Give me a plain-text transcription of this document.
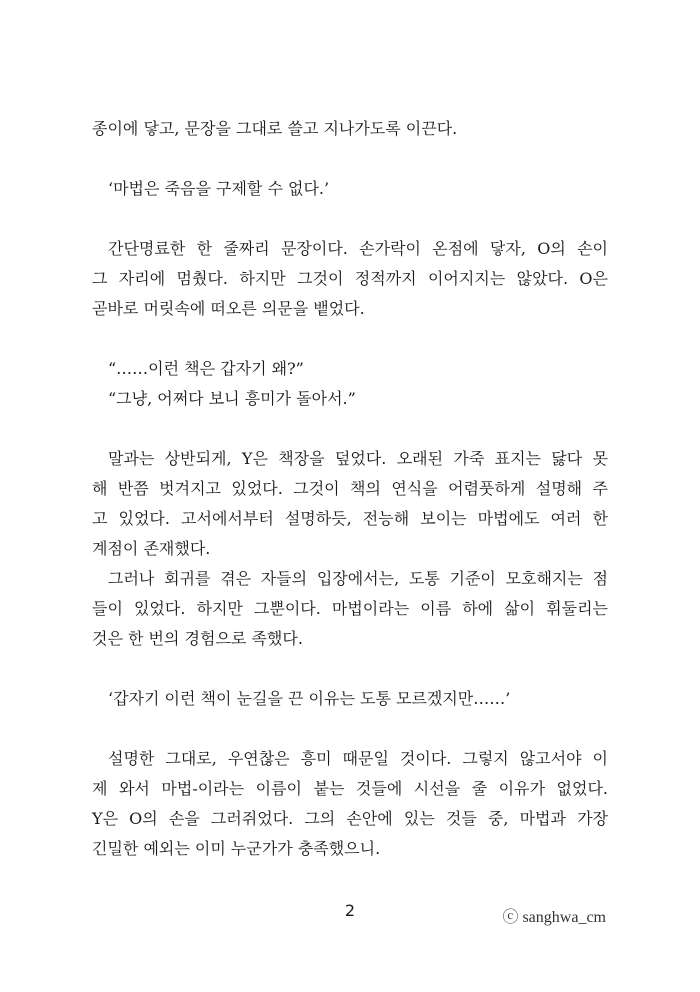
종이에 닿고, 문장을 그대로 쓸고 지나가도록 이끈다.
‘마법은 죽음을 구제할 수 없다.’
간단명료한 한 줄짜리 문장이다. 손가락이 온점에 닿자, O의 손이
그 자리에 멈췄다. 하지만 그것이 정적까지 이어지지는 않았다. O은
곧바로 머릿속에 떠오른 의문을 뱉었다.
“……이런 책은 갑자기 왜?”
“그냥, 어쩌다 보니 흥미가 돌아서.”
말과는 상반되게, Y은 책장을 덮었다. 오래된 가죽 표지는 닳다 못
해 반쯤 벗겨지고 있었다. 그것이 책의 연식을 어렴풋하게 설명해 주
고 있었다. 고서에서부터 설명하듯, 전능해 보이는 마법에도 여러 한
계점이 존재했다.
그러나 회귀를 겪은 자들의 입장에서는, 도통 기준이 모호해지는 점
들이 있었다. 하지만 그뿐이다. 마법이라는 이름 하에 삶이 휘둘리는
것은 한 번의 경험으로 족했다.
‘갑자기 이런 책이 눈길을 끈 이유는 도통 모르겠지만……’
설명한 그대로, 우연찮은 흥미 때문일 것이다. 그렇지 않고서야 이
제 와서 마법-이라는 이름이 붙는 것들에 시선을 줄 이유가 없었다.
Y은 O의 손을 그러쥐었다. 그의 손안에 있는 것들 중, 마법과 가장
긴밀한 예외는 이미 누군가가 충족했으니.
2	ⓒ sanghwa_cm
